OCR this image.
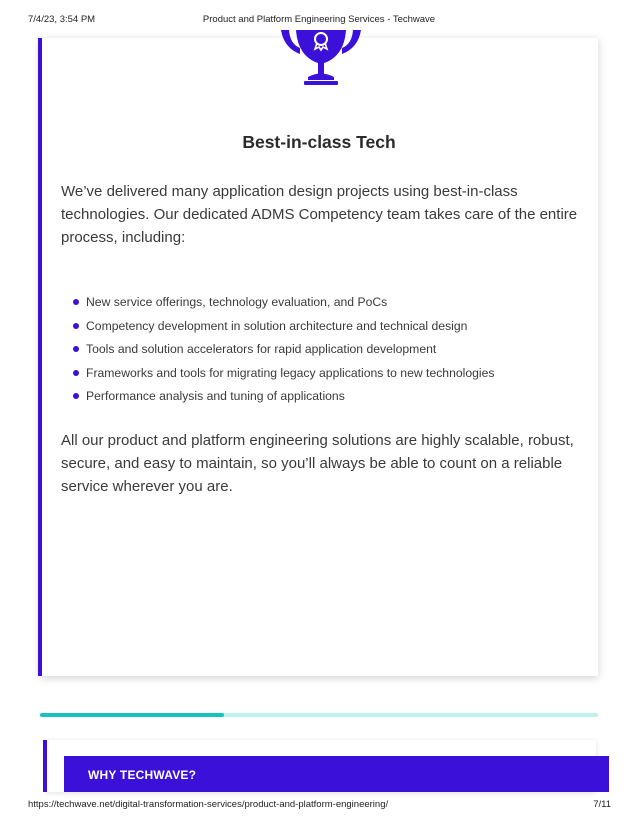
7/4/23, 3:54 PM	Product and Platform Engineering Services - Techwave
Best-in-class Tech

We’ve delivered many application design projects using best-in-class technologies. Our dedicated ADMS Competency team takes care of the entire process, including:

New service offerings, technology evaluation, and PoCs
Competency development in solution architecture and technical design
Tools and solution accelerators for rapid application development
Frameworks and tools for migrating legacy applications to new technologies
Performance analysis and tuning of applications

All our product and platform engineering solutions are highly scalable, robust, secure, and easy to maintain, so you’ll always be able to count on a reliable service wherever you are.

WHY TECHWAVE?
https://techwave.net/digital-transformation-services/product-and-platform-engineering/	7/11
